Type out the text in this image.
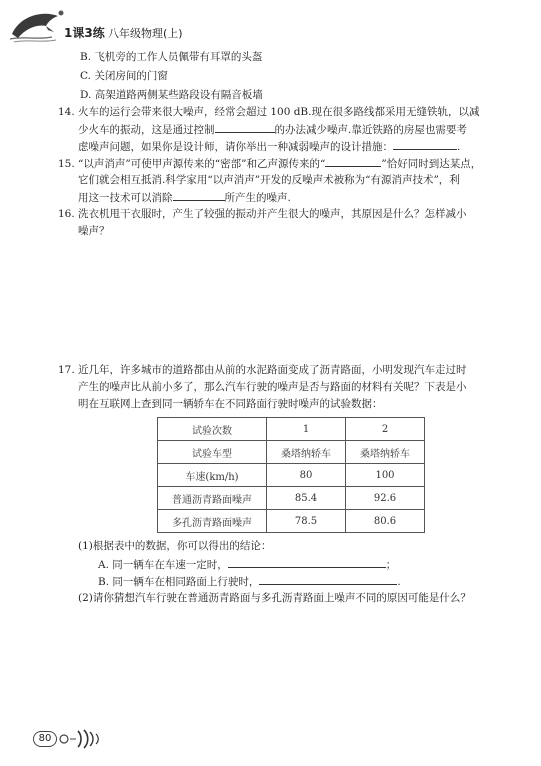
1课3练 八年级物理(上)
B. 飞机旁的工作人员佩带有耳罩的头盔
C. 关闭房间的门窗
D. 高架道路两侧某些路段设有隔音板墙
14. 火车的运行会带来很大噪声，经常会超过 100 dB.现在很多路线都采用无缝铁轨，以减
少火车的振动，这是通过控制	的办法减少噪声.靠近铁路的房屋也需要考
虑噪声问题，如果你是设计师，请你举出一种减弱噪声的设计措施：	.
15. “以声消声”可使甲声源传来的“密部”和乙声源传来的“	”恰好同时到达某点，
它们就会相互抵消.科学家用“以声消声”开发的反噪声术被称为“有源消声技术”，利
用这一技术可以消除	所产生的噪声.
16. 洗衣机甩干衣服时，产生了较强的振动并产生很大的噪声，其原因是什么？怎样减小
噪声？
17. 近几年，许多城市的道路都由从前的水泥路面变成了沥青路面，小明发现汽车走过时
产生的噪声比从前小多了，那么汽车行驶的噪声是否与路面的材料有关呢？下表是小
明在互联网上查到同一辆轿车在不同路面行驶时噪声的试验数据：
试验次数	1	2
试验车型	桑塔纳轿车	桑塔纳轿车
车速(km/h)	80	100
普通沥青路面噪声	85.4	92.6
多孔沥青路面噪声	78.5	80.6
(1)根据表中的数据，你可以得出的结论：
A. 同一辆车在车速一定时，	；
B. 同一辆车在相同路面上行驶时，	.
(2)请你猜想汽车行驶在普通沥青路面与多孔沥青路面上噪声不同的原因可能是什么？
80
